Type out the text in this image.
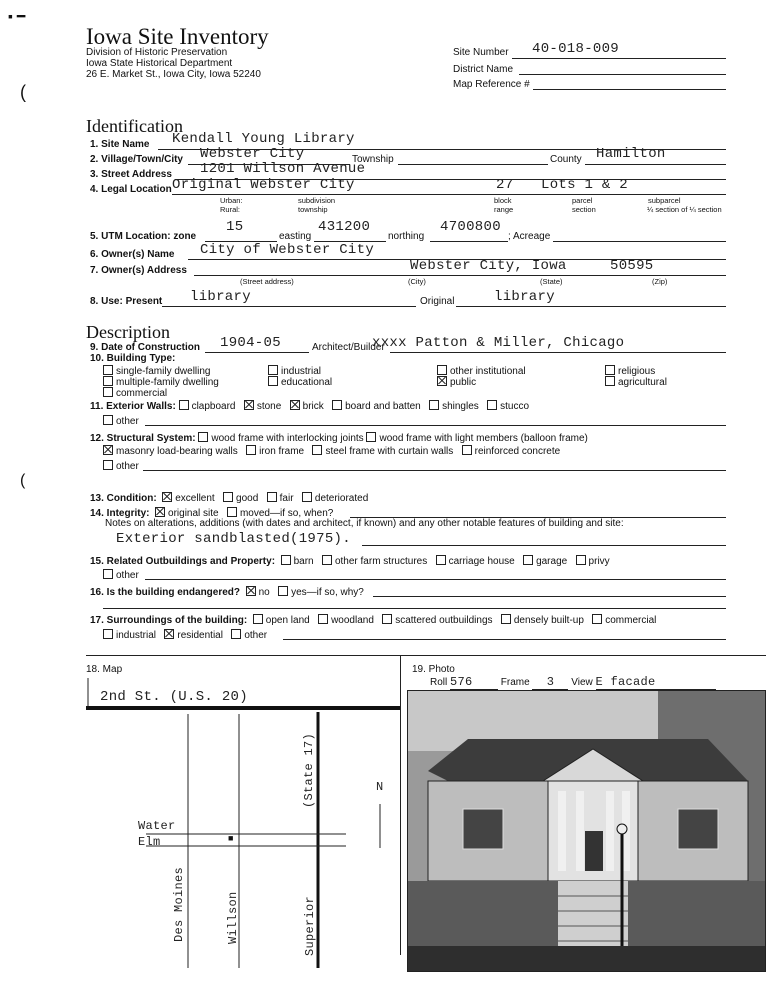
▪ ━
Iowa Site Inventory
Division of Historic Preservation
Iowa State Historical Department
26 E. Market St., Iowa City, Iowa 52240
Site Number 40-018-009
District Name
Map Reference #
(
Identification
1. Site Name Kendall Young Library
2. Village/Town/City Webster City	Township	County Hamilton
3. Street Address 1201 Willson Avenue
4. Legal Location Original Webster City	27 Lots 1 & 2
Urban:
Rural:
subdivision
township
block
range
parcel
section
subparcel
¼ section of ¼ section
15	431200	4700800
5. UTM Location: zone	easting	northing	; Acreage
6. Owner(s) Name City of Webster City
7. Owner(s) Address	Webster City, Iowa	50595
(Street address)	(City)	(State)	(Zip)
8. Use: Present library	Original	library
Description
9. Date of Construction 1904-05	Architect/Builder
xxxx Patton & Miller, Chicago
10. Building Type:
single-family dwelling
multiple-family dwelling
commercial
industrial
educational
other institutional
public
religious
agricultural
11. Exterior Walls: clapboard stone brick board and batten shingles stucco
other
12. Structural System: wood frame with interlocking joints wood frame with light members (balloon frame)
masonry load-bearing walls iron frame steel frame with curtain walls reinforced concrete
other
(
13. Condition: excellent good fair deteriorated
14. Integrity: original site moved—if so, when?
Notes on alterations, additions (with dates and architect, if known) and any other notable features of building and site:
Exterior sandblasted(1975).
15. Related Outbuildings and Property: barn other farm structures carriage house garage privy
other
16. Is the building endangered? no yes—if so, why?
17. Surroundings of the building: open land woodland scattered outbuildings densely built-up commercial
industrial residential other
18. Map
2nd St. (U.S. 20)
Water
Elm	■
N
Des Moines	Willson	Superior
(State 17)
19. Photo
Roll 576	Frame 3 View E facade
